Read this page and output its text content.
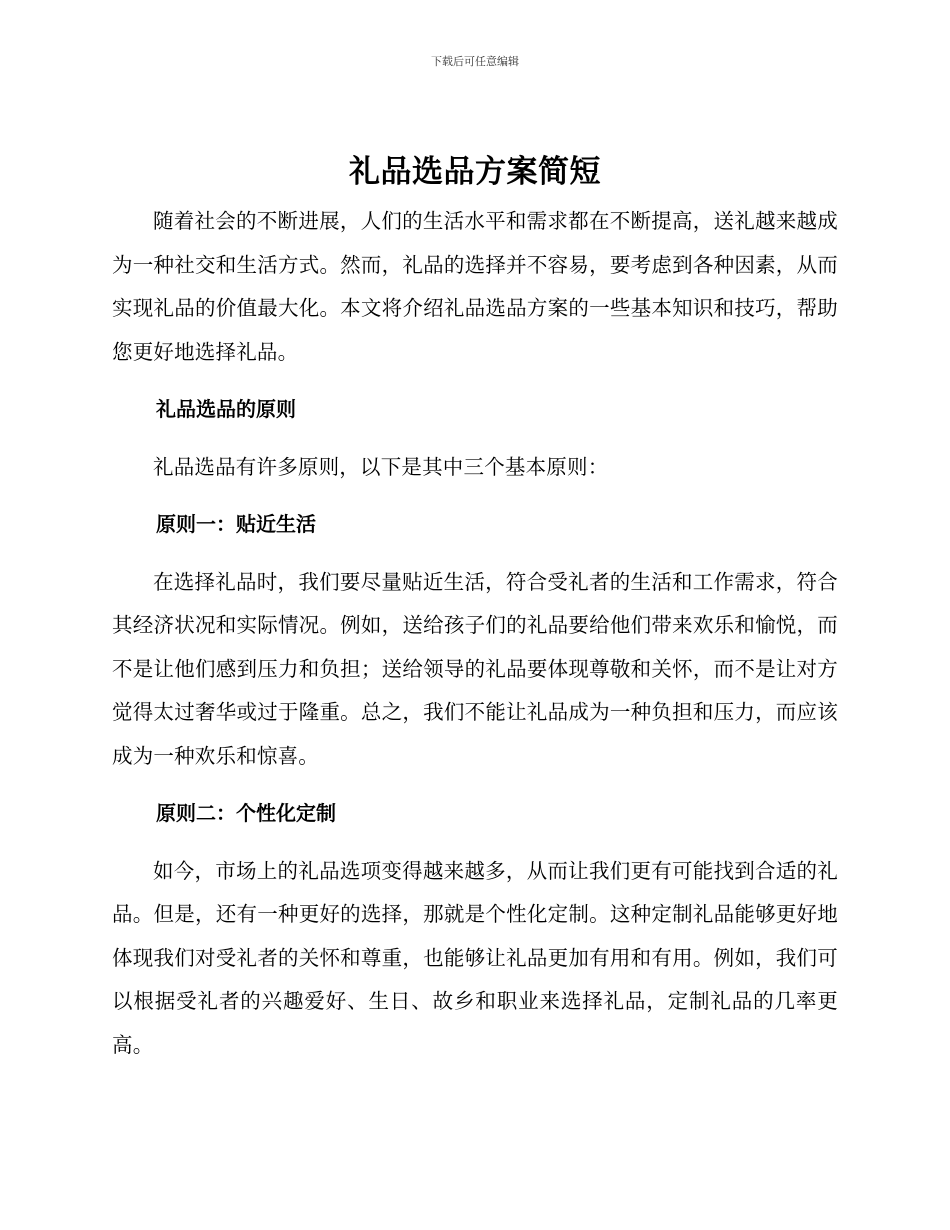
下载后可任意编辑
礼品选品方案简短

随着社会的不断进展，人们的生活水平和需求都在不断提高，送礼越来越成为一种社交和生活方式。然而，礼品的选择并不容易，要考虑到各种因素，从而实现礼品的价值最大化。本文将介绍礼品选品方案的一些基本知识和技巧，帮助您更好地选择礼品。

礼品选品的原则

礼品选品有许多原则，以下是其中三个基本原则：

原则一：贴近生活

在选择礼品时，我们要尽量贴近生活，符合受礼者的生活和工作需求，符合其经济状况和实际情况。例如，送给孩子们的礼品要给他们带来欢乐和愉悦，而不是让他们感到压力和负担；送给领导的礼品要体现尊敬和关怀，而不是让对方觉得太过奢华或过于隆重。总之，我们不能让礼品成为一种负担和压力，而应该成为一种欢乐和惊喜。

原则二：个性化定制

如今，市场上的礼品选项变得越来越多，从而让我们更有可能找到合适的礼品。但是，还有一种更好的选择，那就是个性化定制。这种定制礼品能够更好地体现我们对受礼者的关怀和尊重，也能够让礼品更加有用和有用。例如，我们可以根据受礼者的兴趣爱好、生日、故乡和职业来选择礼品，定制礼品的几率更高。
